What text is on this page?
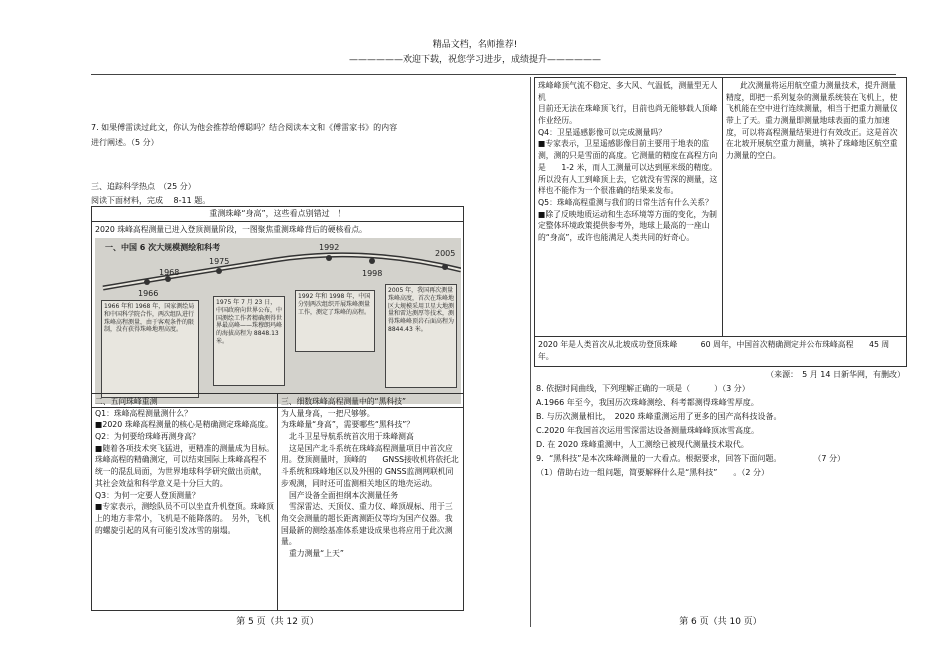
精品文档，名师推荐!
——————欢迎下载，祝您学习进步，成绩提升——————
7. 如果傅雷读过此文，你认为他会推荐给傅聪吗？结合阅读本文和《傅雷家书》的内容
进行阐述。（5 分）
三、追踪科学热点　（25 分）
阅读下面材料，完成　 8-11 题。
重测珠峰“身高”，这些看点别错过　！
2020 珠峰高程测量已进入登顶测量阶段，一图聚焦重测珠峰背后的硬核看点。
一、中国 6 次大规模测绘和科考
1966
1968
1975
1992
1998
2005
1966 年和 1968 年，国家测绘局和中国科学院合作，两次组队进行珠峰高程测量，由于客观条件的限制，没有获得珠峰地理高度。
1975 年 7 月 23 日，中国政府向世界公布，中国测绘工作者精确测得世界最高峰——珠穆朗玛峰的海拔高程为 8848.13 米。
1992 年和 1998 年，中国分别两次组织开展珠峰测量工作，测定了珠峰的高程。
2005 年，我国再次测量珠峰高度，首次在珠峰地区大规模采用卫星大地测量和雷达测厚等技术，测得珠峰峰顶岩石面高程为 8844.43 米。
二、五问珠峰重测
Q1：珠峰高程测量测什么？
■2020 珠峰高程测量的核心是精确测定珠峰高度。
Q2：为何要给珠峰再测身高？
■随着各项技术突飞猛进，更精准的测量成为目标。珠峰高程的精确测定，可以结束国际上珠峰高程不统一的混乱局面，为世界地球科学研究做出贡献，其社会效益和科学意义是十分巨大的。
Q3：为何一定要人登顶测量？
■专家表示，测绘队员不可以坐直升机登顶。珠峰顶上的地方非常小，飞机是不能降落的。　另外，飞机的螺旋引起的风有可能引发冰雪的崩塌。
三、细数珠峰高程测量中的“黑科技”
为人量身高，一把尺够够。
为珠峰量“身高”，需要哪些“黑科技”？
北斗卫星导航系统首次用于珠峰测高
这是国产北斗系统在珠峰高程测量项目中首次应用。登顶测量时，顶峰的　　GNSS接收机将依托北斗系统和珠峰地区以及外围的 GNSS监测网联机同步观测，同时还可监测相关地区的地壳运动。
国产设备全面担纲本次测量任务
雪深雷达、天顶仪、重力仪、峰顶觇标、用于三角交会测量的超长距离测距仪等均为国产仪器。我国最新的测绘基准体系建设成果也将应用于此次测量。
重力测量“上天”
第 5 页（共 12 页）
珠峰峰顶气流不稳定、多大风、气温低，测量型无人机
目前还无法在珠峰顶飞行，目前也尚无能够载人顶峰作业经历。
Q4：卫星遥感影像可以完成测量吗？
■专家表示，卫星遥感影像目前主要用于地表的监测，测的只是雪面的高度。它测量的精度在高程方向是　　1-2 米，而人工测量可以达到厘米级的精度。所以没有人工到峰顶上去，它就没有雪深的测量，这样也不能作为一个很准确的结果来发布。
Q5：珠峰高程重测与我们的日常生活有什么关系？
■除了反映地质运动和生态环境等方面的变化，为制定整体环境政策提供参考外，地球上最高的一座山的“身高”，或许也能满足人类共同的好奇心。
此次测量将运用航空重力测量技术，提升测量精度，即把一系列复杂的测量系统装在飞机上，使飞机能在空中进行连续测量，相当于把重力测量仪带上了天。重力测量即测量地球表面的重力加速度，可以将高程测量结果进行有效改正。这是首次在北坡开展航空重力测量，填补了珠峰地区航空重力测量的空白。
2020 年是人类首次从北坡成功登顶珠峰　　　60 周年，中国首次精确测定并公布珠峰高程　　45 周年。
（来源：　5 月 14 日新华网，有删改）
8. 依据时间曲线，下列理解正确的一项是（　　　）（3 分）
A.1966 年至今，我国历次珠峰测绘、科考都测得珠峰雪厚度。
B. 与历次测量相比，　2020 珠峰重测运用了更多的国产高科技设备。
C.2020 年我国首次运用雪深雷达设备测量珠峰峰顶冰雪高度。
D. 在 2020 珠峰重测中，人工测绘已被现代测量技术取代。
9．“黑科技”是本次珠峰测量的一大看点。根据要求，回答下面问题。　　　　　（7 分）
（1）借助右边一组问题，简要解释什么是“黑科技”　　。（2 分）
第 6 页（共 10 页）
